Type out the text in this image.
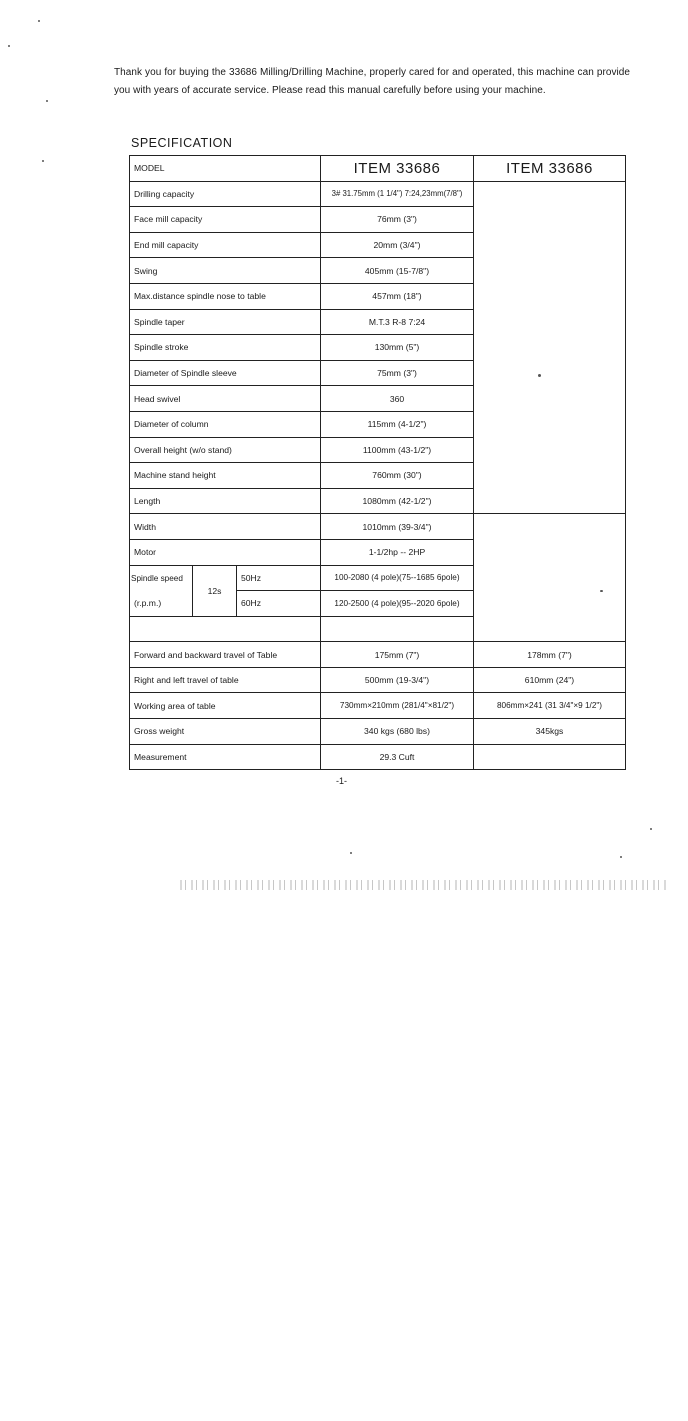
Thank you for buying the 33686 Milling/Drilling Machine, properly cared for and operated, this machine can provide you with years of accurate service. Please read this manual carefully before using your machine.
SPECIFICATION
MODEL			ITEM 33686	ITEM 33686
Drilling capacity			3# 31.75mm (1 1/4") 7:24,23mm(7/8")	
Face mill capacity			76mm (3")	
End mill capacity			20mm (3/4")	
Swing			405mm (15-7/8")	
Max.distance spindle nose to table			457mm (18")	
Spindle taper			M.T.3 R-8 7:24	
Spindle stroke			130mm (5")	
Diameter of Spindle sleeve			75mm (3")	
Head swivel			360	
Diameter of column			115mm (4-1/2")	
Overall height (w/o stand)			1100mm (43-1/2")	
Machine stand height			760mm (30")	
Length			1080mm (42-1/2")	

Width			1010mm (39-3/4")	
Motor			1-1/2hp -- 2HP	
Spindle speed	12s	50Hz	100-2080 (4 pole)(75--1685 6pole)	
(r.p.m.)		60Hz	120-2500 (4 pole)(95--2020 6pole)	

Forward and backward travel of Table			175mm (7")	178mm (7")
Right and left travel of table			500mm (19-3/4")	610mm (24")
Working area of table			730mm×210mm (281/4"×81/2")	806mm×241 (31 3/4"×9 1/2")
Gross weight			340 kgs (680 lbs)	345kgs
Measurement			29.3 Cuft	
-1-
